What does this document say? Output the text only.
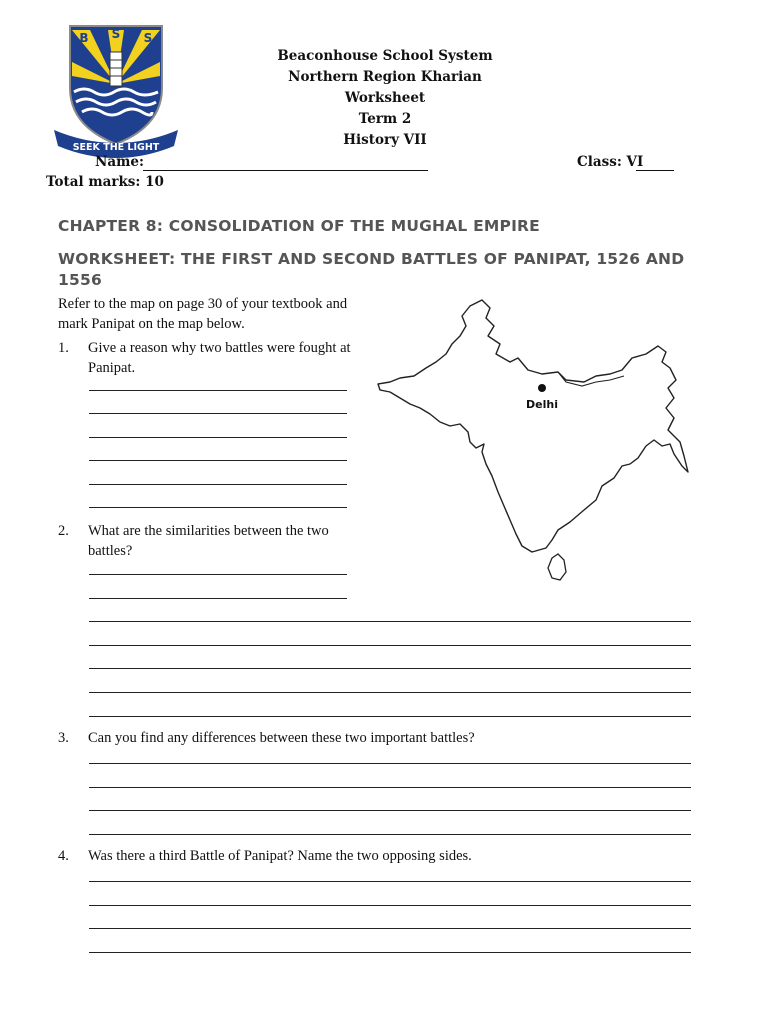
B S S
SEEK THE LIGHT
Beaconhouse School System
Northern Region Kharian
Worksheet
Term 2
History VII
Name:	Class: VI
Total marks: 10
CHAPTER 8: CONSOLIDATION OF THE MUGHAL EMPIRE
WORKSHEET: THE FIRST AND SECOND BATTLES OF PANIPAT, 1526 AND 1556
Refer to the map on page 30 of your textbook and mark Panipat on the map below.
Delhi
1. Give a reason why two battles were fought at Panipat.
2. What are the similarities between the two battles?
3. Can you find any differences between these two important battles?
4. Was there a third Battle of Panipat? Name the two opposing sides.
